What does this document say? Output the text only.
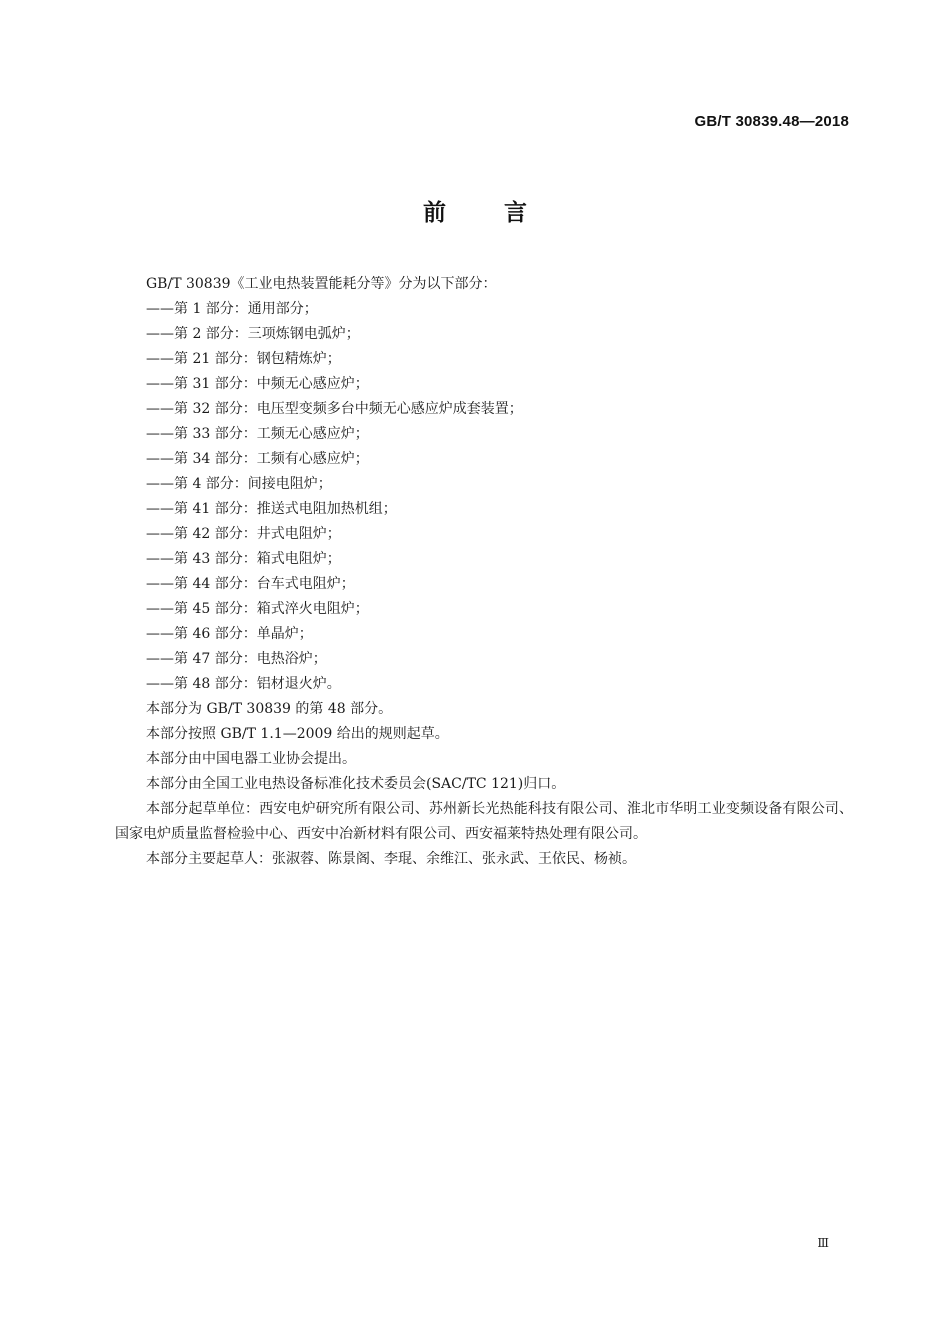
GB/T 30839.48—2018
前言

GB/T 30839《工业电热装置能耗分等》分为以下部分：

——第 1 部分：通用部分；

——第 2 部分：三项炼钢电弧炉；

——第 21 部分：钢包精炼炉；

——第 31 部分：中频无心感应炉；

——第 32 部分：电压型变频多台中频无心感应炉成套装置；

——第 33 部分：工频无心感应炉；

——第 34 部分：工频有心感应炉；

——第 4 部分：间接电阻炉；

——第 41 部分：推送式电阻加热机组；

——第 42 部分：井式电阻炉；

——第 43 部分：箱式电阻炉；

——第 44 部分：台车式电阻炉；

——第 45 部分：箱式淬火电阻炉；

——第 46 部分：单晶炉；

——第 47 部分：电热浴炉；

——第 48 部分：铝材退火炉。

本部分为 GB/T 30839 的第 48 部分。

本部分按照 GB/T 1.1—2009 给出的规则起草。

本部分由中国电器工业协会提出。

本部分由全国工业电热设备标准化技术委员会(SAC/TC 121)归口。

本部分起草单位：西安电炉研究所有限公司、苏州新长光热能科技有限公司、淮北市华明工业变频设备有限公司、国家电炉质量监督检验中心、西安中冶新材料有限公司、西安福莱特热处理有限公司。

本部分主要起草人：张淑蓉、陈景阁、李琨、余维江、张永武、王依民、杨祯。

Ⅲ
